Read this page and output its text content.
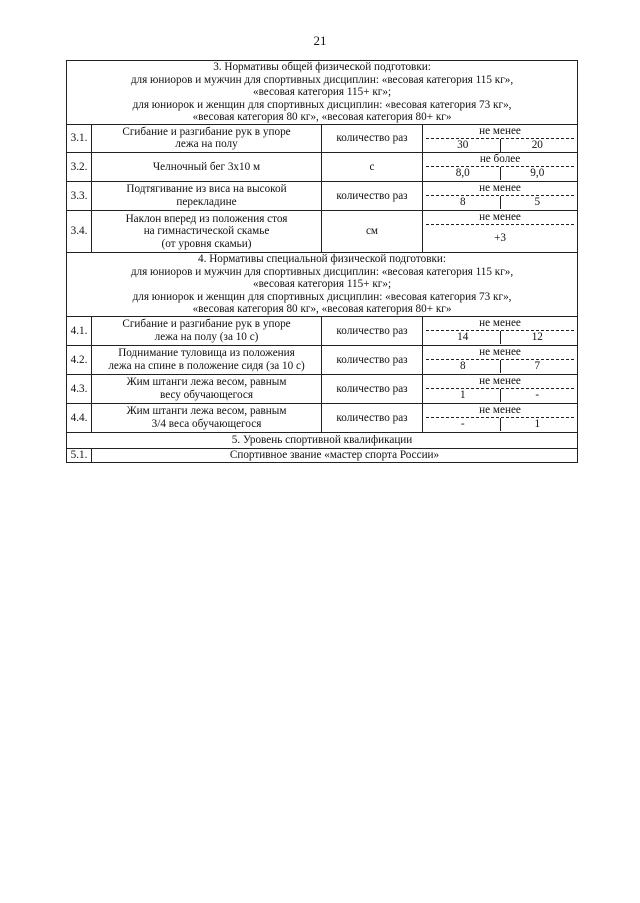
21
3. Нормативы общей физической подготовки:
для юниоров и мужчин для спортивных дисциплин: «весовая категория 115 кг»,
«весовая категория 115+ кг»;
для юниорок и женщин для спортивных дисциплин: «весовая категория 73 кг»,
«весовая категория 80 кг», «весовая категория 80+ кг»			

3.1.	Сгибание и разгибание рук в упоре
лежа на полу	количество раз	не менее
30 20

3.2.	Челночный бег 3х10 м	с	не более
8,0 9,0

3.3.	Подтягивание из виса на высокой
перекладине	количество раз	не менее
8 5

3.4.	Наклон вперед из положения стоя
на гимнастической скамье
(от уровня скамьи)	см	не менее
+3

4. Нормативы специальной физической подготовки:
для юниоров и мужчин для спортивных дисциплин: «весовая категория 115 кг»,
«весовая категория 115+ кг»;
для юниорок и женщин для спортивных дисциплин: «весовая категория 73 кг»,
«весовая категория 80 кг», «весовая категория 80+ кг»			

4.1.	Сгибание и разгибание рук в упоре
лежа на полу (за 10 с)	количество раз	не менее
14 12

4.2.	Поднимание туловища из положения
лежа на спине в положение сидя (за 10 с)	количество раз	не менее
8 7

4.3.	Жим штанги лежа весом, равным
весу обучающегося	количество раз	не менее
1 -

4.4.	Жим штанги лежа весом, равным
3/4 веса обучающегося	количество раз	не менее
- 1

5. Уровень спортивной квалификации			
5.1.	Спортивное звание «мастер спорта России»		
